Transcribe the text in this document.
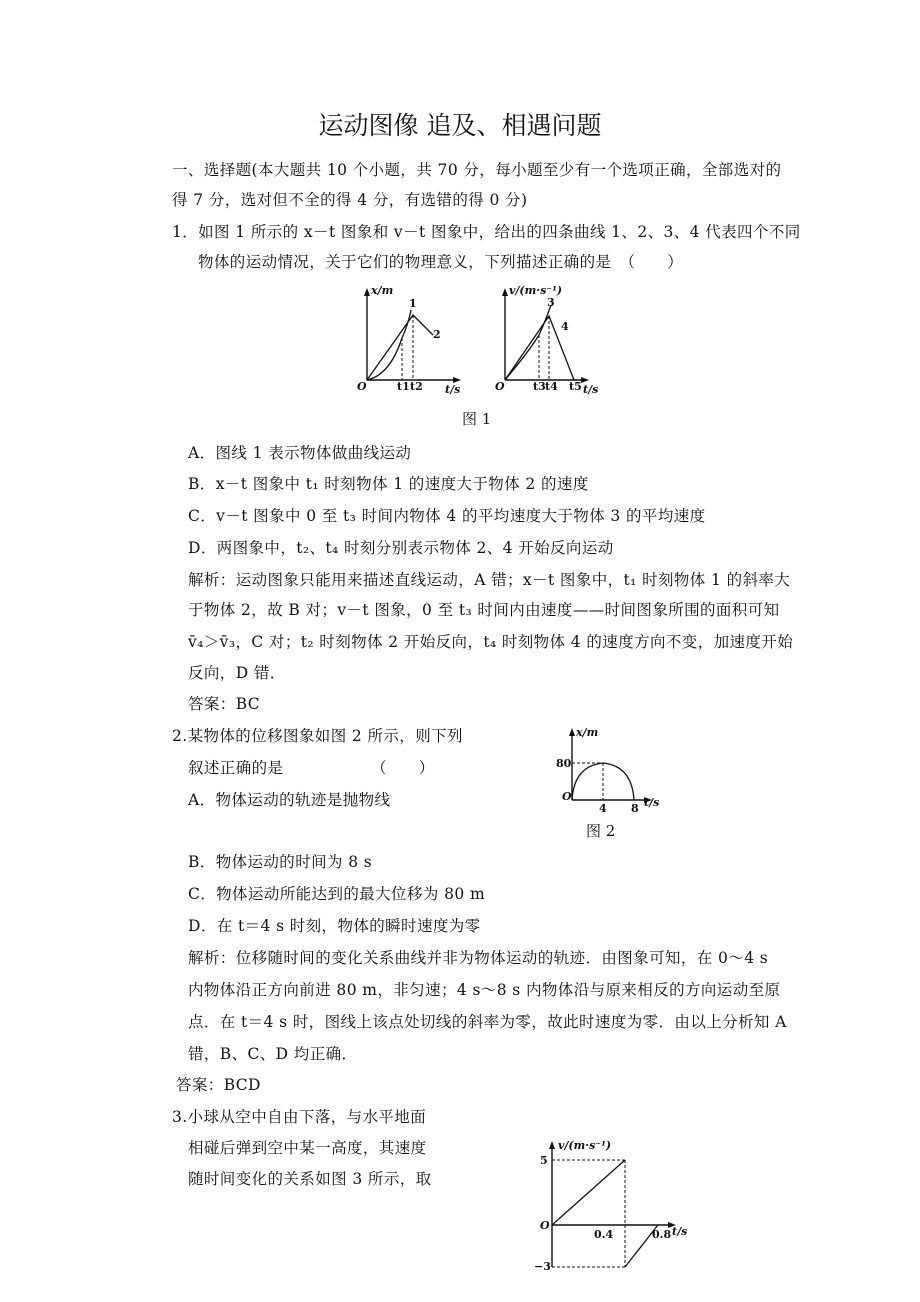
运动图像 追及、相遇问题
一、选择题(本大题共 10 个小题，共 70 分，每小题至少有一个选项正确，全部选对的
得 7 分，选对但不全的得 4 分，有选错的得 0 分)
1．如图 1 所示的 x－t 图象和 v－t 图象中，给出的四条曲线 1、2、3、4 代表四个不同
物体的运动情况，关于它们的物理意义，下列描述正确的是　（　　）
x/m
t/s
O	t1 t2
1
2
v/(m·s⁻¹)
t/s
O	t3 t4 t5
3
4
图 1
A．图线 1 表示物体做曲线运动
B．x－t 图象中 t₁ 时刻物体 1 的速度大于物体 2 的速度
C．v－t 图象中 0 至 t₃ 时间内物体 4 的平均速度大于物体 3 的平均速度
D．两图象中，t₂、t₄ 时刻分别表示物体 2、4 开始反向运动
解析：运动图象只能用来描述直线运动，A 错；x－t 图象中，t₁ 时刻物体 1 的斜率大
于物体 2，故 B 对；v－t 图象，0 至 t₃ 时间内由速度——时间图象所围的面积可知
v̄₄＞v̄₃，C 对；t₂ 时刻物体 2 开始反向，t₄ 时刻物体 4 的速度方向不变，加速度开始
反向，D 错．
答案：BC
2.某物体的位移图象如图 2 所示，则下列
叙述正确的是　　　　　　（　　）
A．物体运动的轨迹是抛物线
x/m
t/s
O
80
4 8
图 2
B．物体运动的时间为 8 s
C．物体运动所能达到的最大位移为 80 m
D．在 t＝4 s 时刻，物体的瞬时速度为零
解析：位移随时间的变化关系曲线并非为物体运动的轨迹．由图象可知，在 0～4 s
内物体沿正方向前进 80 m，非匀速；4 s～8 s 内物体沿与原来相反的方向运动至原
点．在 t＝4 s 时，图线上该点处切线的斜率为零，故此时速度为零．由以上分析知 A
错，B、C、D 均正确．
答案：BCD
3.小球从空中自由下落，与水平地面
相碰后弹到空中某一高度，其速度
随时间变化的关系如图 3 所示，取
v/(m·s⁻¹)
t/s
O
5
−3
0.4	0.8
